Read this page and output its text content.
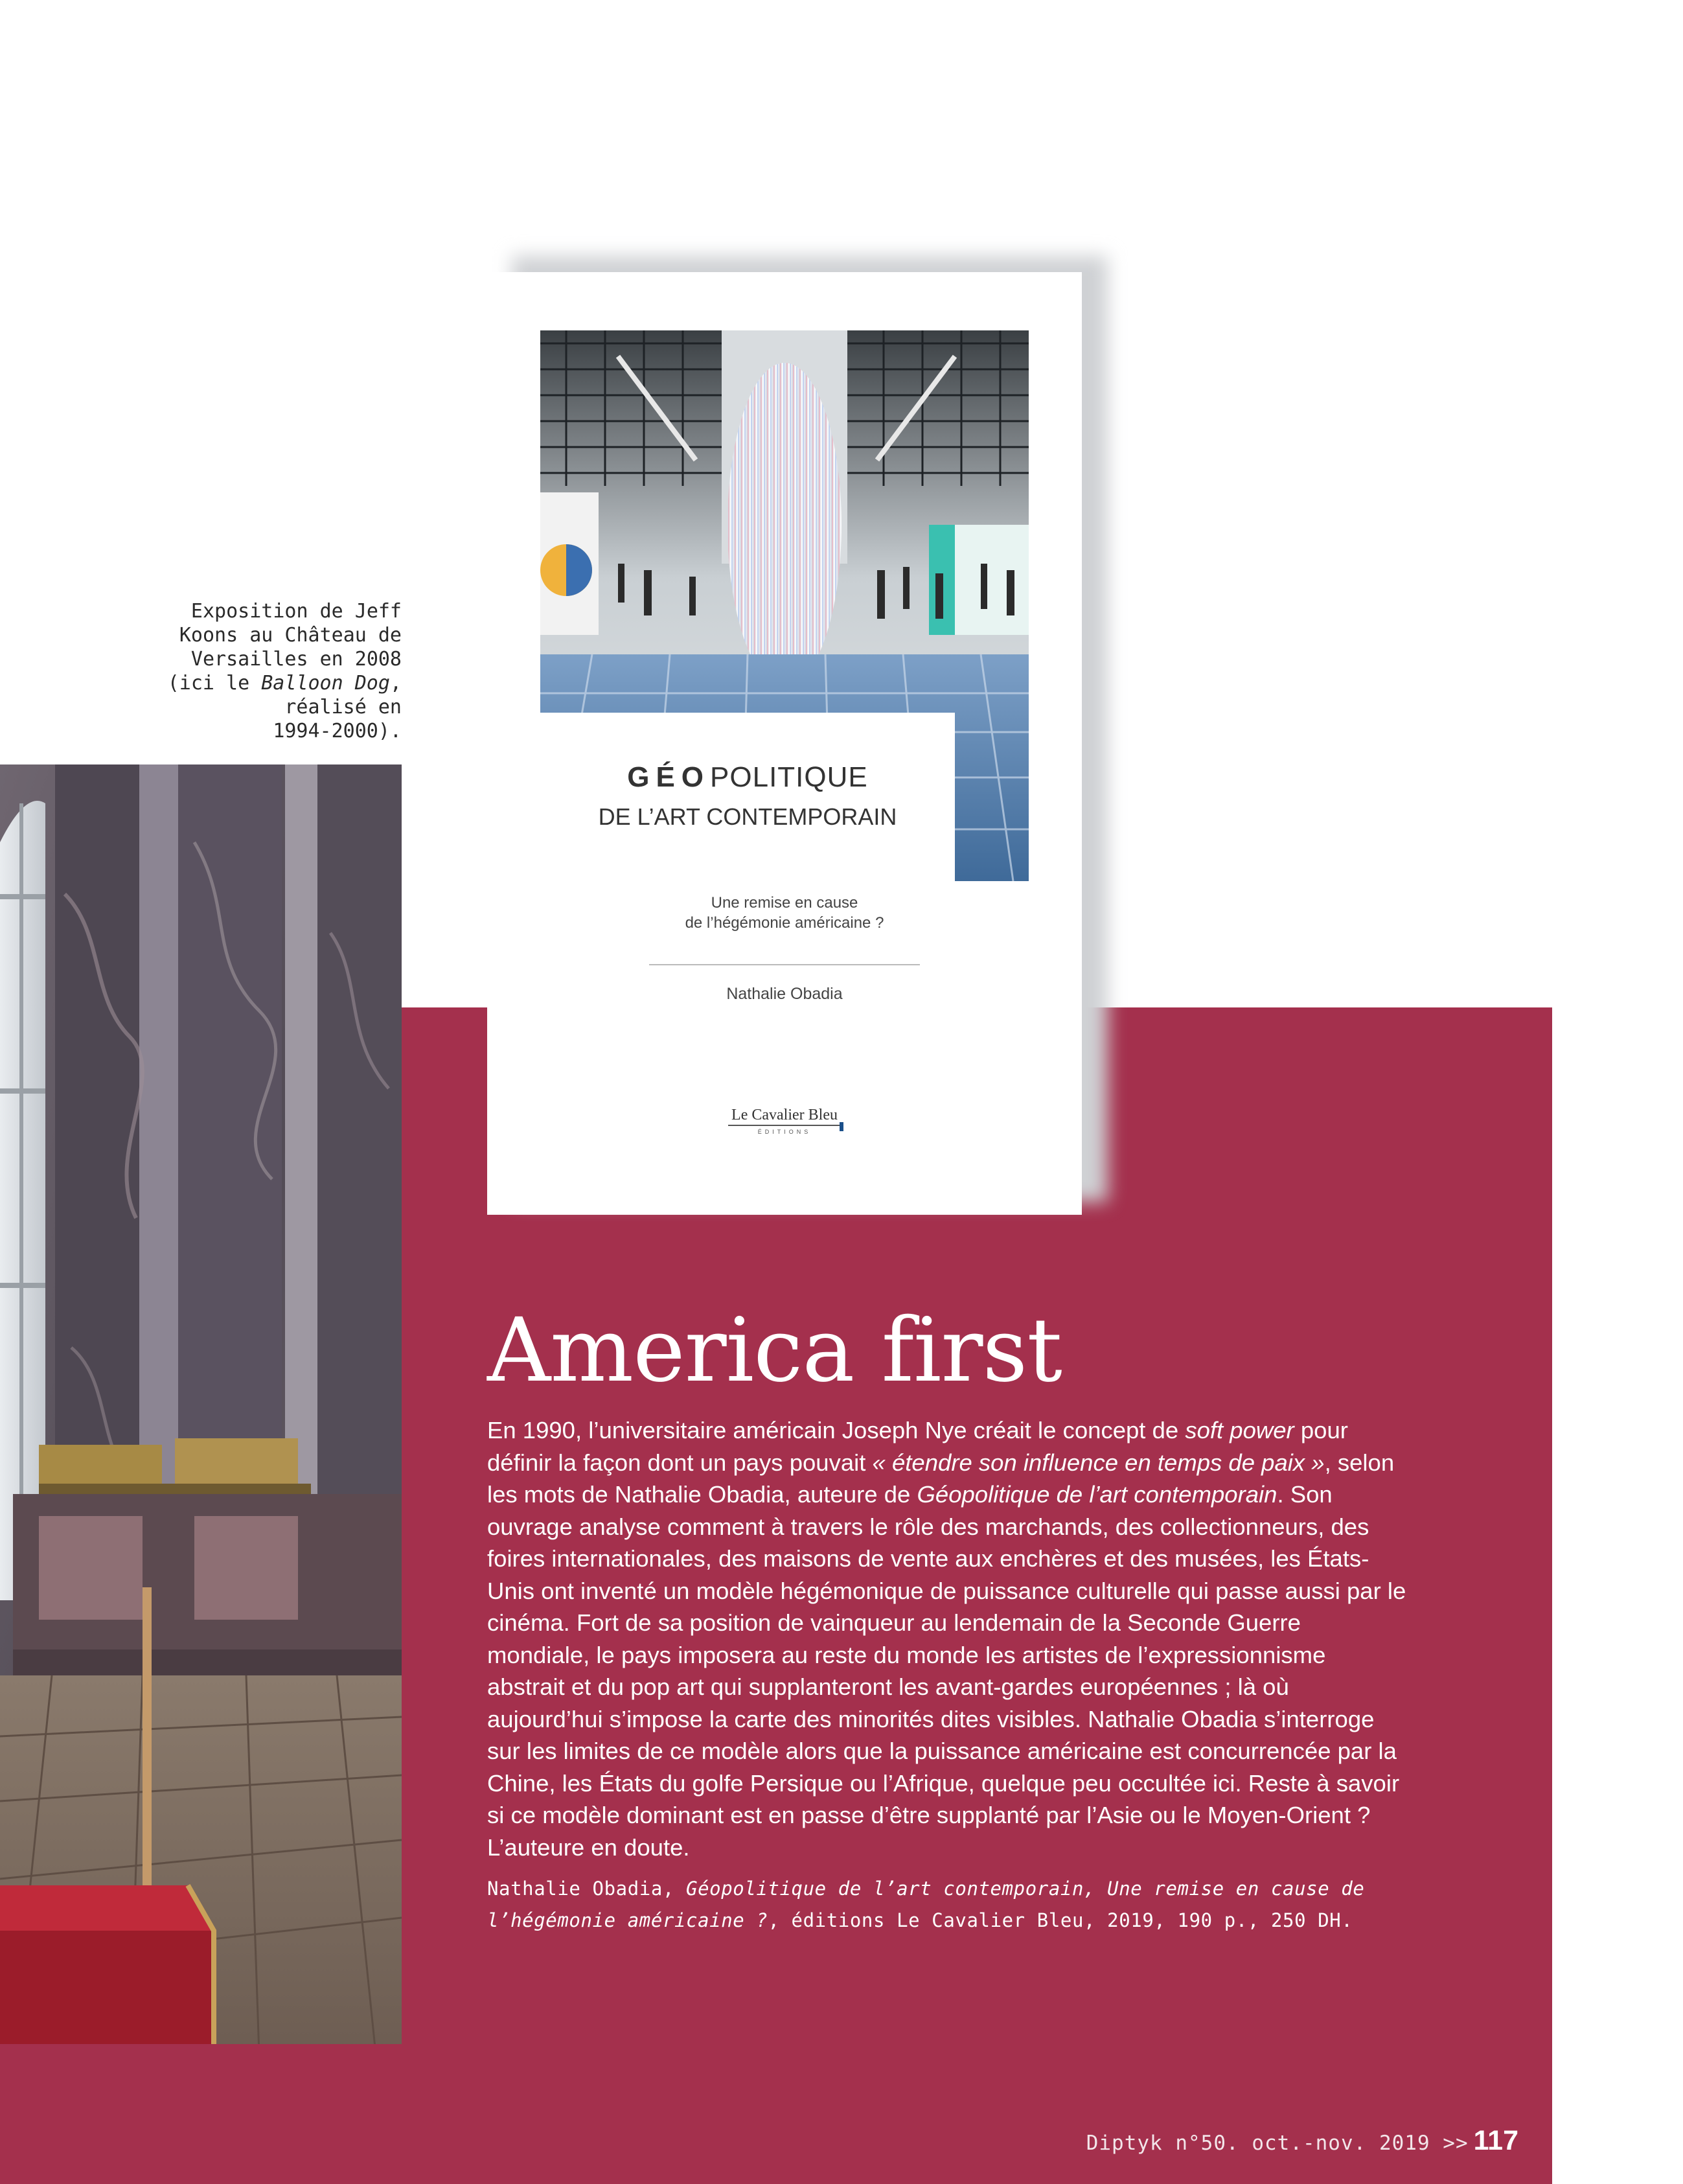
Exposition de Jeff
Koons au Château de
Versailles en 2008
(ici le Balloon Dog,
réalisé en
1994-2000).
GÉOPOLITIQUE
DE L’ART CONTEMPORAIN
Une remise en cause
de l’hégémonie américaine ?
Nathalie Obadia
Le Cavalier Bleu
ÉDITIONS
America first

En 1990, l’universitaire américain Joseph Nye créait le concept de soft power pour définir la façon dont un pays pouvait « étendre son influence en temps de paix », selon les mots de Nathalie Obadia, auteure de Géopolitique de l’art contemporain. Son ouvrage analyse comment à travers le rôle des marchands, des collectionneurs, des foires internationales, des maisons de vente aux enchères et des musées, les États-Unis ont inventé un modèle hégémonique de puissance culturelle qui passe aussi par le cinéma. Fort de sa position de vainqueur au lendemain de la Seconde Guerre mondiale, le pays imposera au reste du monde les artistes de l’expressionnisme abstrait et du pop art qui supplanteront les avant-gardes européennes ; là où aujourd’hui s’impose la carte des minorités dites visibles. Nathalie Obadia s’interroge sur les limites de ce modèle alors que la puissance américaine est concurrencée par la Chine, les États du golfe Persique ou l’Afrique, quelque peu occultée ici. Reste à savoir si ce modèle dominant est en passe d’être supplanté par l’Asie ou le Moyen-Orient ? L’auteure en doute.

Nathalie Obadia, Géopolitique de l’art contemporain, Une remise en cause de l’hégémonie américaine ?, éditions Le Cavalier Bleu, 2019, 190 p., 250 DH.

Diptyk n°50. oct.-nov. 2019 >> 117
